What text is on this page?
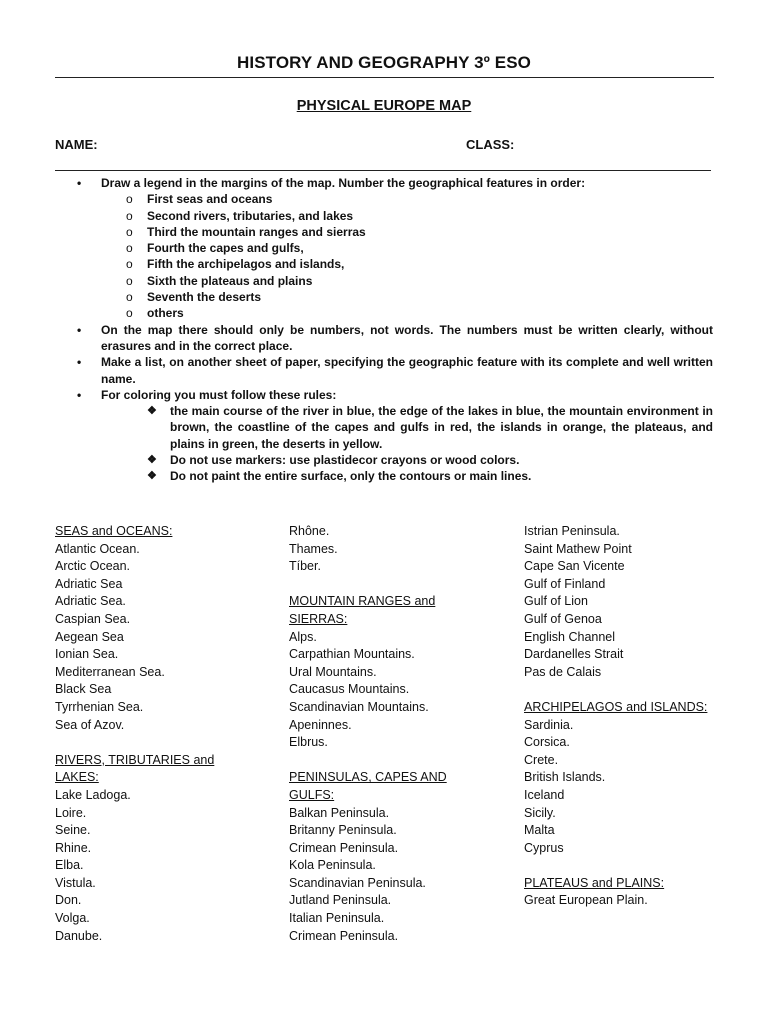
HISTORY AND GEOGRAPHY 3º ESO
PHYSICAL EUROPE MAP
NAME:	CLASS:
• Draw a legend in the margins of the map. Number the geographical features in order:
o First seas and oceans
o Second rivers, tributaries, and lakes
o Third the mountain ranges and sierras
o Fourth the capes and gulfs,
o Fifth the archipelagos and islands,
o Sixth the plateaus and plains
o Seventh the deserts
o others
• On the map there should only be numbers, not words. The numbers must be written clearly, without erasures and in the correct place.
• Make a list, on another sheet of paper, specifying the geographic feature with its complete and well written name.
• For coloring you must follow these rules:
❖ the main course of the river in blue, the edge of the lakes in blue, the mountain environment in brown, the coastline of the capes and gulfs in red, the islands in orange, the plateaus, and plains in green, the deserts in yellow.
❖ Do not use markers: use plastidecor crayons or wood colors.
❖ Do not paint the entire surface, only the contours or main lines.
SEAS and OCEANS:
Atlantic Ocean.
Arctic Ocean.
Adriatic Sea
Adriatic Sea.
Caspian Sea.
Aegean Sea
Ionian Sea.
Mediterranean Sea.
Black Sea
Tyrrhenian Sea.
Sea of Azov.
RIVERS, TRIBUTARIES and
LAKES:
Lake Ladoga.
Loire.
Seine.
Rhine.
Elba.
Vistula.
Don.
Volga.
Danube.
Rhône.
Thames.
Tíber.
MOUNTAIN RANGES and
SIERRAS:
Alps.
Carpathian Mountains.
Ural Mountains.
Caucasus Mountains.
Scandinavian Mountains.
Apeninnes.
Elbrus.
PENINSULAS, CAPES AND
GULFS:
Balkan Peninsula.
Britanny Peninsula.
Crimean Peninsula.
Kola Peninsula.
Scandinavian Peninsula.
Jutland Peninsula.
Italian Peninsula.
Crimean Peninsula.
Istrian Peninsula.
Saint Mathew Point
Cape San Vicente
Gulf of Finland
Gulf of Lion
Gulf of Genoa
English Channel
Dardanelles Strait
Pas de Calais
ARCHIPELAGOS and ISLANDS:
Sardinia.
Corsica.
Crete.
British Islands.
Iceland
Sicily.
Malta
Cyprus
PLATEAUS and PLAINS:
Great European Plain.
